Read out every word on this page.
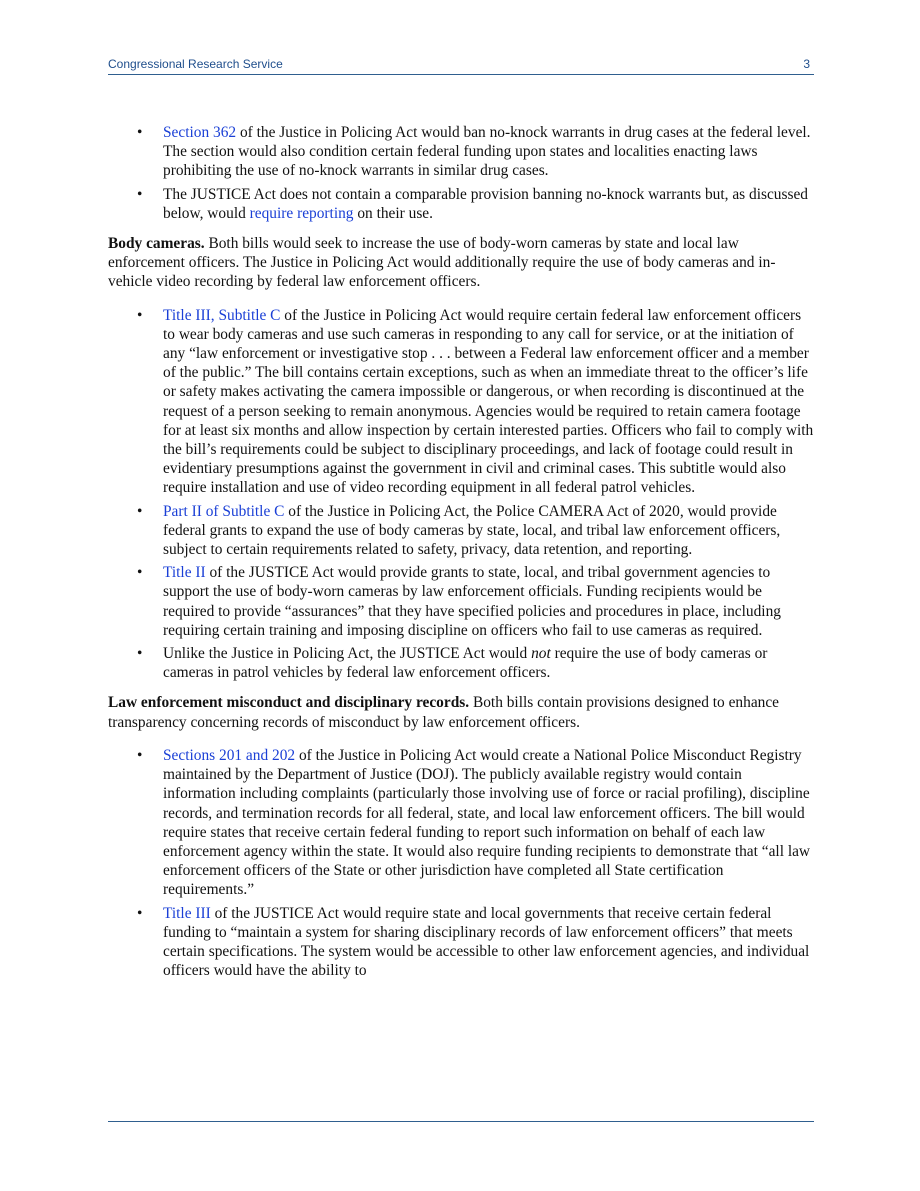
Congressional Research Service	3
• Section 362 of the Justice in Policing Act would ban no-knock warrants in drug cases at the federal level. The section would also condition certain federal funding upon states and localities enacting laws prohibiting the use of no-knock warrants in similar drug cases.
• The JUSTICE Act does not contain a comparable provision banning no-knock warrants but, as discussed below, would require reporting on their use.

Body cameras. Both bills would seek to increase the use of body-worn cameras by state and local law enforcement officers. The Justice in Policing Act would additionally require the use of body cameras and in-vehicle video recording by federal law enforcement officers.

• Title III, Subtitle C of the Justice in Policing Act would require certain federal law enforcement officers to wear body cameras and use such cameras in responding to any call for service, or at the initiation of any “law enforcement or investigative stop . . . between a Federal law enforcement officer and a member of the public.” The bill contains certain exceptions, such as when an immediate threat to the officer’s life or safety makes activating the camera impossible or dangerous, or when recording is discontinued at the request of a person seeking to remain anonymous. Agencies would be required to retain camera footage for at least six months and allow inspection by certain interested parties. Officers who fail to comply with the bill’s requirements could be subject to disciplinary proceedings, and lack of footage could result in evidentiary presumptions against the government in civil and criminal cases. This subtitle would also require installation and use of video recording equipment in all federal patrol vehicles.
• Part II of Subtitle C of the Justice in Policing Act, the Police CAMERA Act of 2020, would provide federal grants to expand the use of body cameras by state, local, and tribal law enforcement officers, subject to certain requirements related to safety, privacy, data retention, and reporting.
• Title II of the JUSTICE Act would provide grants to state, local, and tribal government agencies to support the use of body-worn cameras by law enforcement officials. Funding recipients would be required to provide “assurances” that they have specified policies and procedures in place, including requiring certain training and imposing discipline on officers who fail to use cameras as required.
• Unlike the Justice in Policing Act, the JUSTICE Act would not require the use of body cameras or cameras in patrol vehicles by federal law enforcement officers.

Law enforcement misconduct and disciplinary records. Both bills contain provisions designed to enhance transparency concerning records of misconduct by law enforcement officers.

• Sections 201 and 202 of the Justice in Policing Act would create a National Police Misconduct Registry maintained by the Department of Justice (DOJ). The publicly available registry would contain information including complaints (particularly those involving use of force or racial profiling), discipline records, and termination records for all federal, state, and local law enforcement officers. The bill would require states that receive certain federal funding to report such information on behalf of each law enforcement agency within the state. It would also require funding recipients to demonstrate that “all law enforcement officers of the State or other jurisdiction have completed all State certification requirements.”
• Title III of the JUSTICE Act would require state and local governments that receive certain federal funding to “maintain a system for sharing disciplinary records of law enforcement officers” that meets certain specifications. The system would be accessible to other law enforcement agencies, and individual officers would have the ability to
